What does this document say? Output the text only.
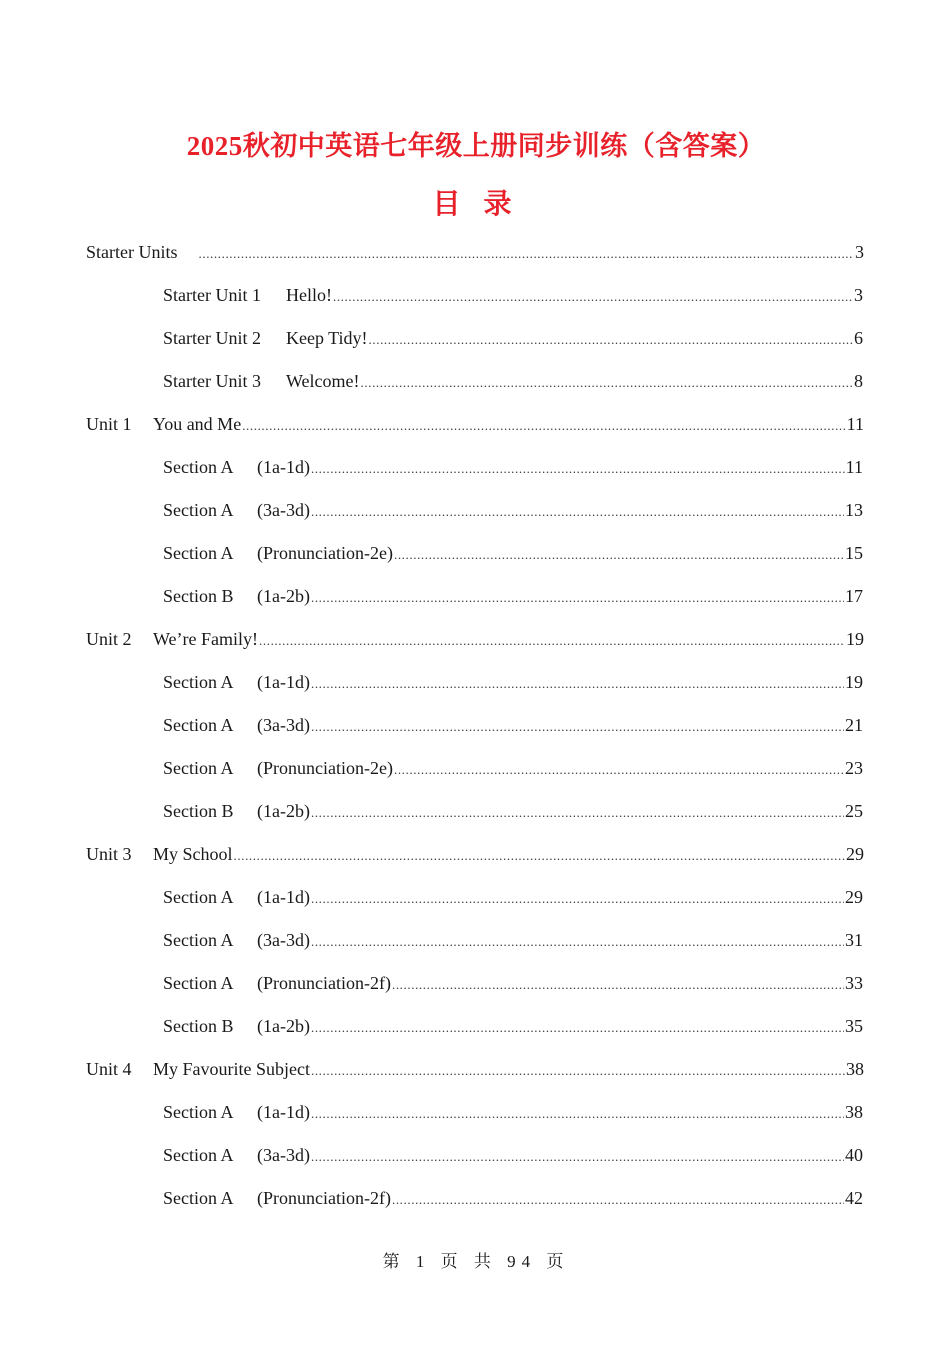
2025秋初中英语七年级上册同步训练（含答案）
目 录
Starter Units .....	3
Starter Unit 1	Hello! .....	3
Starter Unit 2	Keep Tidy! .....	6
Starter Unit 3	Welcome! .....	8
Unit 1	You and Me .....	11
Section A	(1a-1d) .....	11
Section A	(3a-3d) .....	13
Section A	(Pronunciation-2e) .....	15
Section B	(1a-2b) .....	17
Unit 2	We’re Family! .....	19
Section A	(1a-1d) .....	19
Section A	(3a-3d) .....	21
Section A	(Pronunciation-2e) .....	23
Section B	(1a-2b) .....	25
Unit 3	My School .....	29
Section A	(1a-1d) .....	29
Section A	(3a-3d) .....	31
Section A	(Pronunciation-2f) .....	33
Section B	(1a-2b) .....	35
Unit 4	My Favourite Subject .....	38
Section A	(1a-1d) .....	38
Section A	(3a-3d) .....	40
Section A	(Pronunciation-2f) .....	42
第 1 页 共 94 页
